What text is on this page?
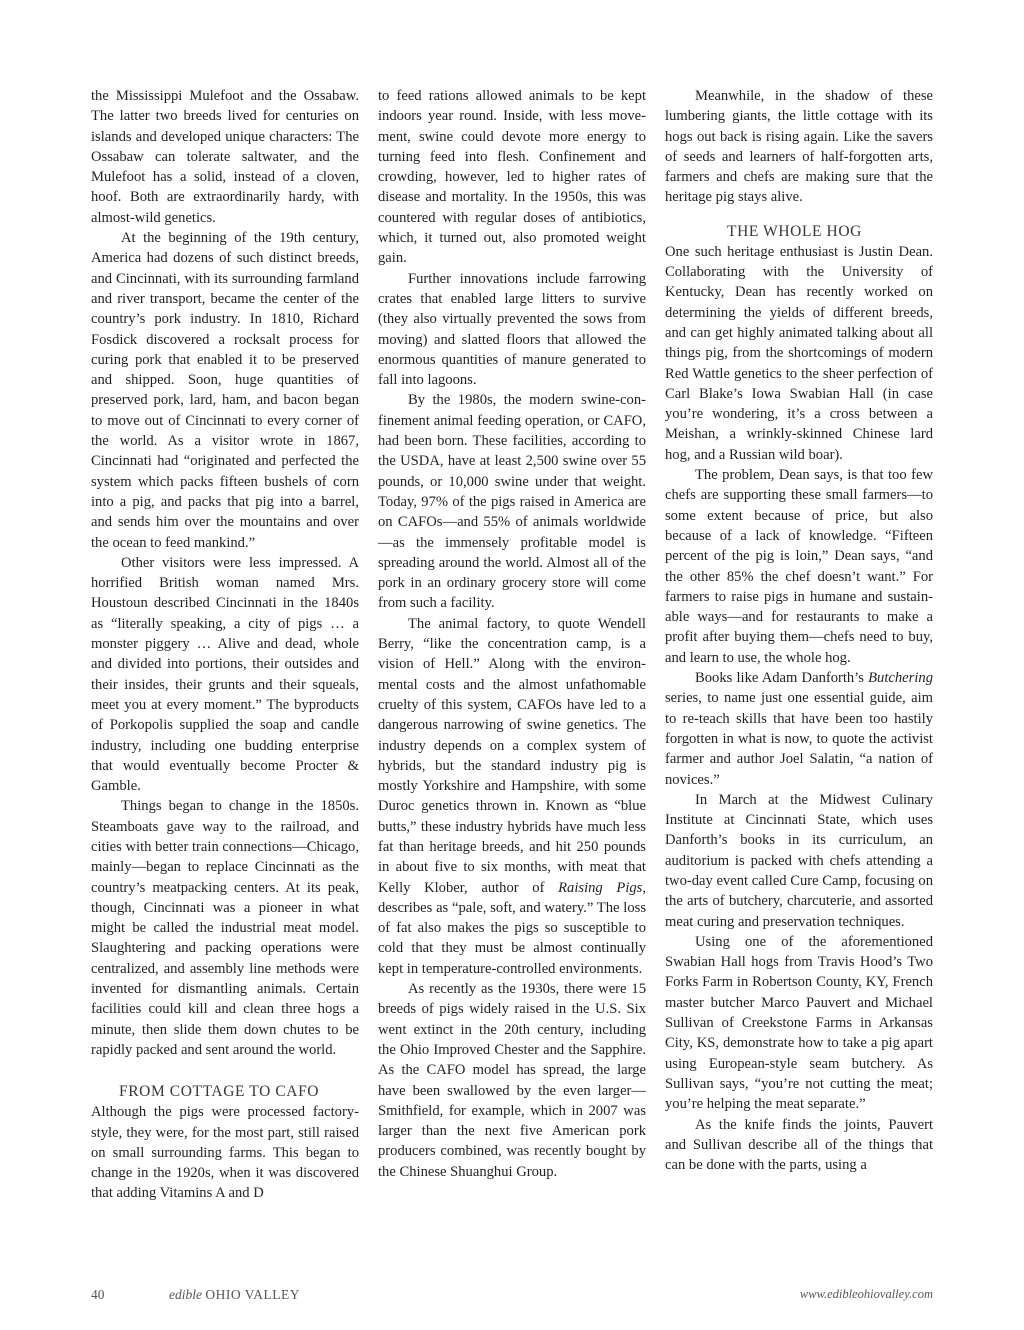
the Mississippi Mulefoot and the Ossabaw. The latter two breeds lived for centuries on islands and developed unique characters: The Ossabaw can tolerate saltwater, and the Mulefoot has a solid, instead of a cloven, hoof. Both are extraordinarily hardy, with almost-wild genetics.

At the beginning of the 19th century, America had dozens of such distinct breeds, and Cincinnati, with its surrounding farmland and river transport, became the center of the country’s pork industry. In 1810, Richard Fosdick discovered a rocksalt process for curing pork that enabled it to be preserved and shipped. Soon, huge quantities of preserved pork, lard, ham, and bacon began to move out of Cincinnati to every corner of the world. As a visitor wrote in 1867, Cincinnati had “originated and perfected the system which packs fifteen bushels of corn into a pig, and packs that pig into a barrel, and sends him over the mountains and over the ocean to feed mankind.”

Other visitors were less impressed. A horrified British woman named Mrs. Houstoun described Cincinnati in the 1840s as “literally speaking, a city of pigs … a monster piggery … Alive and dead, whole and divided into portions, their outsides and their insides, their grunts and their squeals, meet you at every moment.” The byproducts of Porkopolis supplied the soap and candle industry, including one budding enterprise that would eventually become Procter & Gamble.

Things began to change in the 1850s. Steamboats gave way to the railroad, and cities with better train connections—Chicago, mainly—began to replace Cincinnati as the country’s meatpacking centers. At its peak, though, Cincinnati was a pioneer in what might be called the industrial meat model. Slaughtering and packing operations were centralized, and assembly line methods were invented for dismantling animals. Certain facilities could kill and clean three hogs a minute, then slide them down chutes to be rapidly packed and sent around the world.

FROM COTTAGE TO CAFO

Although the pigs were processed factory-style, they were, for the most part, still raised on small surrounding farms. This began to change in the 1920s, when it was discovered that adding Vitamins A and D

to feed rations allowed animals to be kept indoors year round. Inside, with less movement, swine could devote more energy to turning feed into flesh. Confinement and crowding, however, led to higher rates of disease and mortality. In the 1950s, this was countered with regular doses of antibiotics, which, it turned out, also promoted weight gain.

Further innovations include farrowing crates that enabled large litters to survive (they also virtually prevented the sows from moving) and slatted floors that allowed the enormous quantities of manure generated to fall into lagoons.

By the 1980s, the modern swine-confinement animal feeding operation, or CAFO, had been born. These facilities, according to the USDA, have at least 2,500 swine over 55 pounds, or 10,000 swine under that weight. Today, 97% of the pigs raised in America are on CAFOs—and 55% of animals worldwide—as the immensely profitable model is spreading around the world. Almost all of the pork in an ordinary grocery store will come from such a facility.

The animal factory, to quote Wendell Berry, “like the concentration camp, is a vision of Hell.” Along with the environmental costs and the almost unfathomable cruelty of this system, CAFOs have led to a dangerous narrowing of swine genetics. The industry depends on a complex system of hybrids, but the standard industry pig is mostly Yorkshire and Hampshire, with some Duroc genetics thrown in. Known as “blue butts,” these industry hybrids have much less fat than heritage breeds, and hit 250 pounds in about five to six months, with meat that Kelly Klober, author of Raising Pigs, describes as “pale, soft, and watery.” The loss of fat also makes the pigs so susceptible to cold that they must be almost continually kept in temperature-controlled environments.

As recently as the 1930s, there were 15 breeds of pigs widely raised in the U.S. Six went extinct in the 20th century, including the Ohio Improved Chester and the Sapphire. As the CAFO model has spread, the large have been swallowed by the even larger—Smithfield, for example, which in 2007 was larger than the next five American pork producers combined, was recently bought by the Chinese Shuanghui Group.

Meanwhile, in the shadow of these lumbering giants, the little cottage with its hogs out back is rising again. Like the savers of seeds and learners of half-forgotten arts, farmers and chefs are making sure that the heritage pig stays alive.

THE WHOLE HOG

One such heritage enthusiast is Justin Dean. Collaborating with the University of Kentucky, Dean has recently worked on determining the yields of different breeds, and can get highly animated talking about all things pig, from the shortcomings of modern Red Wattle genetics to the sheer perfection of Carl Blake’s Iowa Swabian Hall (in case you’re wondering, it’s a cross between a Meishan, a wrinkly-skinned Chinese lard hog, and a Russian wild boar).

The problem, Dean says, is that too few chefs are supporting these small farmers—to some extent because of price, but also because of a lack of knowledge. “Fifteen percent of the pig is loin,” Dean says, “and the other 85% the chef doesn’t want.” For farmers to raise pigs in humane and sustainable ways—and for restaurants to make a profit after buying them—chefs need to buy, and learn to use, the whole hog.

Books like Adam Danforth’s Butchering series, to name just one essential guide, aim to re-teach skills that have been too hastily forgotten in what is now, to quote the activist farmer and author Joel Salatin, “a nation of novices.”

In March at the Midwest Culinary Institute at Cincinnati State, which uses Danforth’s books in its curriculum, an auditorium is packed with chefs attending a two-day event called Cure Camp, focusing on the arts of butchery, charcuterie, and assorted meat curing and preservation techniques.

Using one of the aforementioned Swabian Hall hogs from Travis Hood’s Two Forks Farm in Robertson County, KY, French master butcher Marco Pauvert and Michael Sullivan of Creekstone Farms in Arkansas City, KS, demonstrate how to take a pig apart using European-style seam butchery. As Sullivan says, “you’re not cutting the meat; you’re helping the meat separate.”

As the knife finds the joints, Pauvert and Sullivan describe all of the things that can be done with the parts, using a

40	edible OHIO VALLEY	www.edibleohiovalley.com
